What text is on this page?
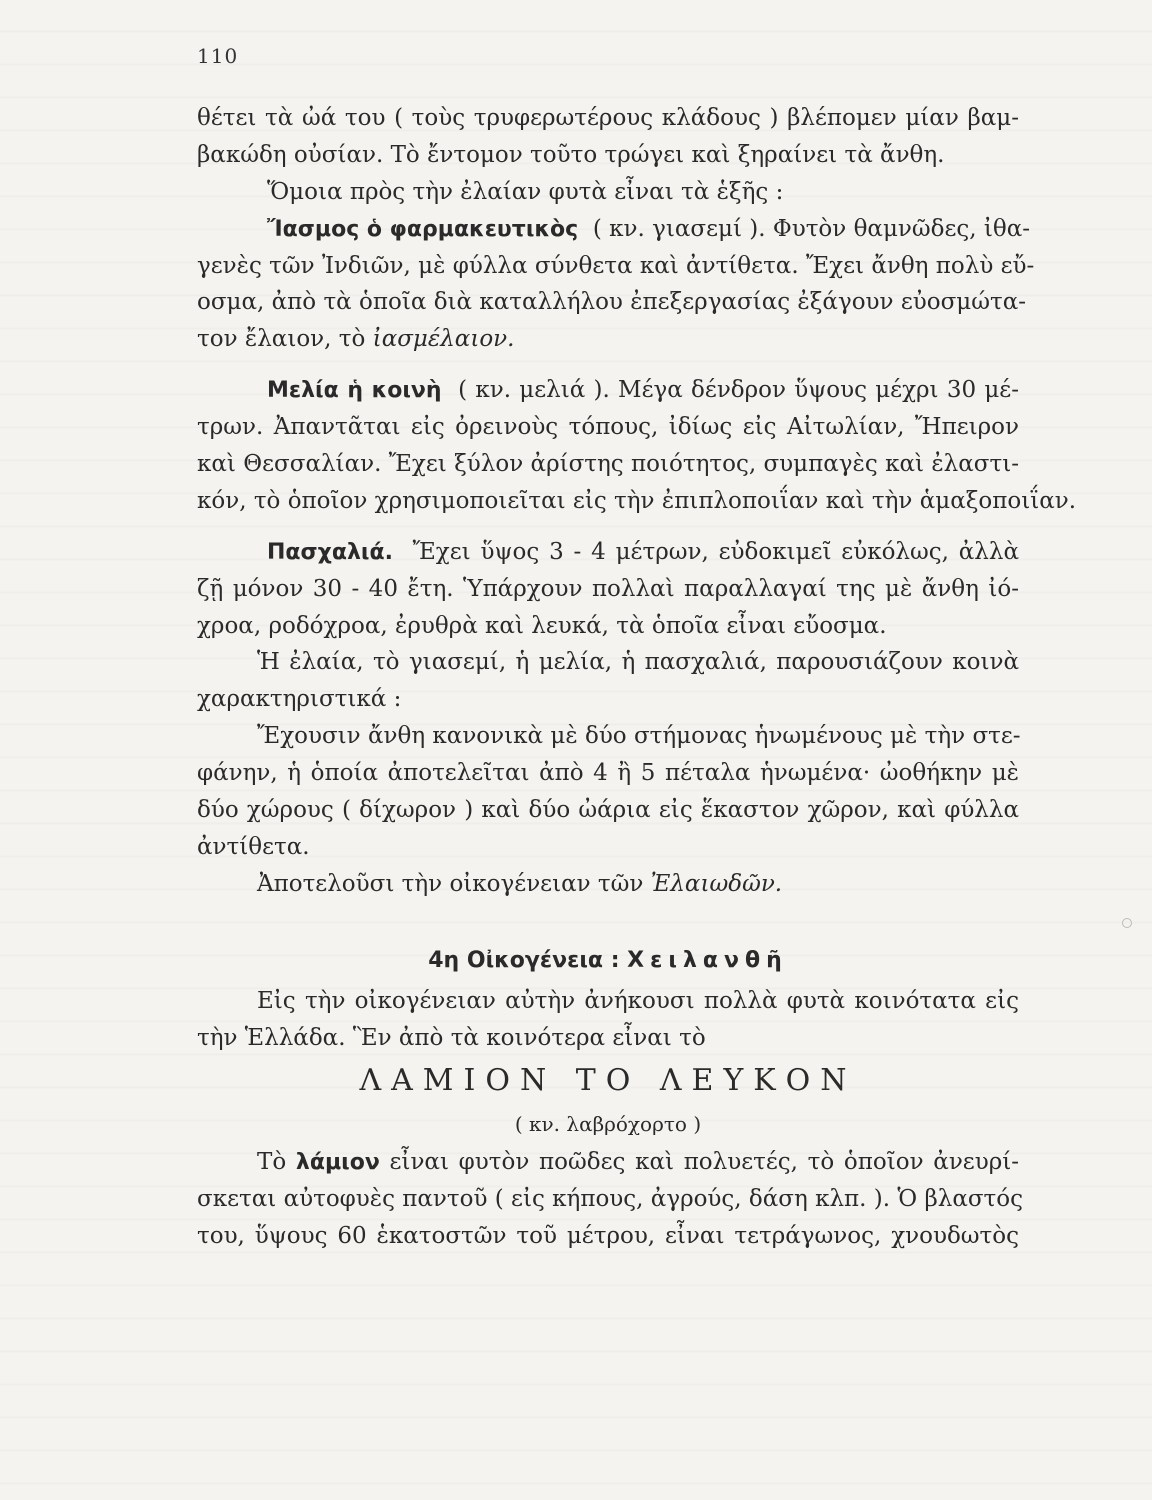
110
θέτει τὰ ὠά του ( τοὺς τρυφερωτέρους κλάδους ) βλέπομεν μίαν βαμ-
βακώδη οὐσίαν. Τὸ ἔντομον τοῦτο τρώγει καὶ ξηραίνει τὰ ἄνθη.
Ὅμοια πρὸς τὴν ἐλαίαν φυτὰ εἶναι τὰ ἑξῆς :
Ἴασμος ὁ φαρμακευτικὸς ( κν. γιασεμί ). Φυτὸν θαμνῶδες, ἰθα-
γενὲς τῶν Ἰνδιῶν, μὲ φύλλα σύνθετα καὶ ἀντίθετα. Ἔχει ἄνθη πολὺ εὔ-
οσμα, ἀπὸ τὰ ὁποῖα διὰ καταλλήλου ἐπεξεργασίας ἐξάγουν εὐοσμώτα-
τον ἔλαιον, τὸ ἰασμέλαιον.
Μελία ἡ κοινὴ ( κν. μελιά ). Μέγα δένδρον ὕψους μέχρι 30 μέ-
τρων. Ἀπαντᾶται εἰς ὀρεινοὺς τόπους, ἰδίως εἰς Αἰτωλίαν, Ἤπειρον
καὶ Θεσσαλίαν. Ἔχει ξύλον ἀρίστης ποιότητος, συμπαγὲς καὶ ἐλαστι-
κόν, τὸ ὁποῖον χρησιμοποιεῖται εἰς τὴν ἐπιπλοποιΐαν καὶ τὴν ἁμαξοποιΐαν.
Πασχαλιά. Ἔχει ὕψος 3 - 4 μέτρων, εὐδοκιμεῖ εὐκόλως, ἀλλὰ
ζῇ μόνον 30 - 40 ἔτη. Ὑπάρχουν πολλαὶ παραλλαγαί της μὲ ἄνθη ἰό-
χροα, ροδόχροα, ἐρυθρὰ καὶ λευκά, τὰ ὁποῖα εἶναι εὔοσμα.
Ἡ ἐλαία, τὸ γιασεμί, ἡ μελία, ἡ πασχαλιά, παρουσιάζουν κοινὰ
χαρακτηριστικά :
Ἔχουσιν ἄνθη κανονικὰ μὲ δύο στήμονας ἡνωμένους μὲ τὴν στε-
φάνην, ἡ ὁποία ἀποτελεῖται ἀπὸ 4 ἢ 5 πέταλα ἡνωμένα· ὠοθήκην μὲ
δύο χώρους ( δίχωρον ) καὶ δύο ὠάρια εἰς ἕκαστον χῶρον, καὶ φύλλα
ἀντίθετα.
Ἀποτελοῦσι τὴν οἰκογένειαν τῶν Ἐλαιωδῶν.
4η Οἰκογένεια : Χειλανθῆ
Εἰς τὴν οἰκογένειαν αὐτὴν ἀνήκουσι πολλὰ φυτὰ κοινότατα εἰς
τὴν Ἑλλάδα. Ἓν ἀπὸ τὰ κοινότερα εἶναι τὸ
ΛΑΜΙΟΝ ΤΟ ΛΕΥΚΟΝ
( κν. λαβρόχορτο )
Τὸ λάμιον εἶναι φυτὸν ποῶδες καὶ πολυετές, τὸ ὁποῖον ἀνευρί-
σκεται αὐτοφυὲς παντοῦ ( εἰς κήπους, ἀγρούς, δάση κλπ. ). Ὁ βλαστός
του, ὕψους 60 ἑκατοστῶν τοῦ μέτρου, εἶναι τετράγωνος, χνουδωτὸς
